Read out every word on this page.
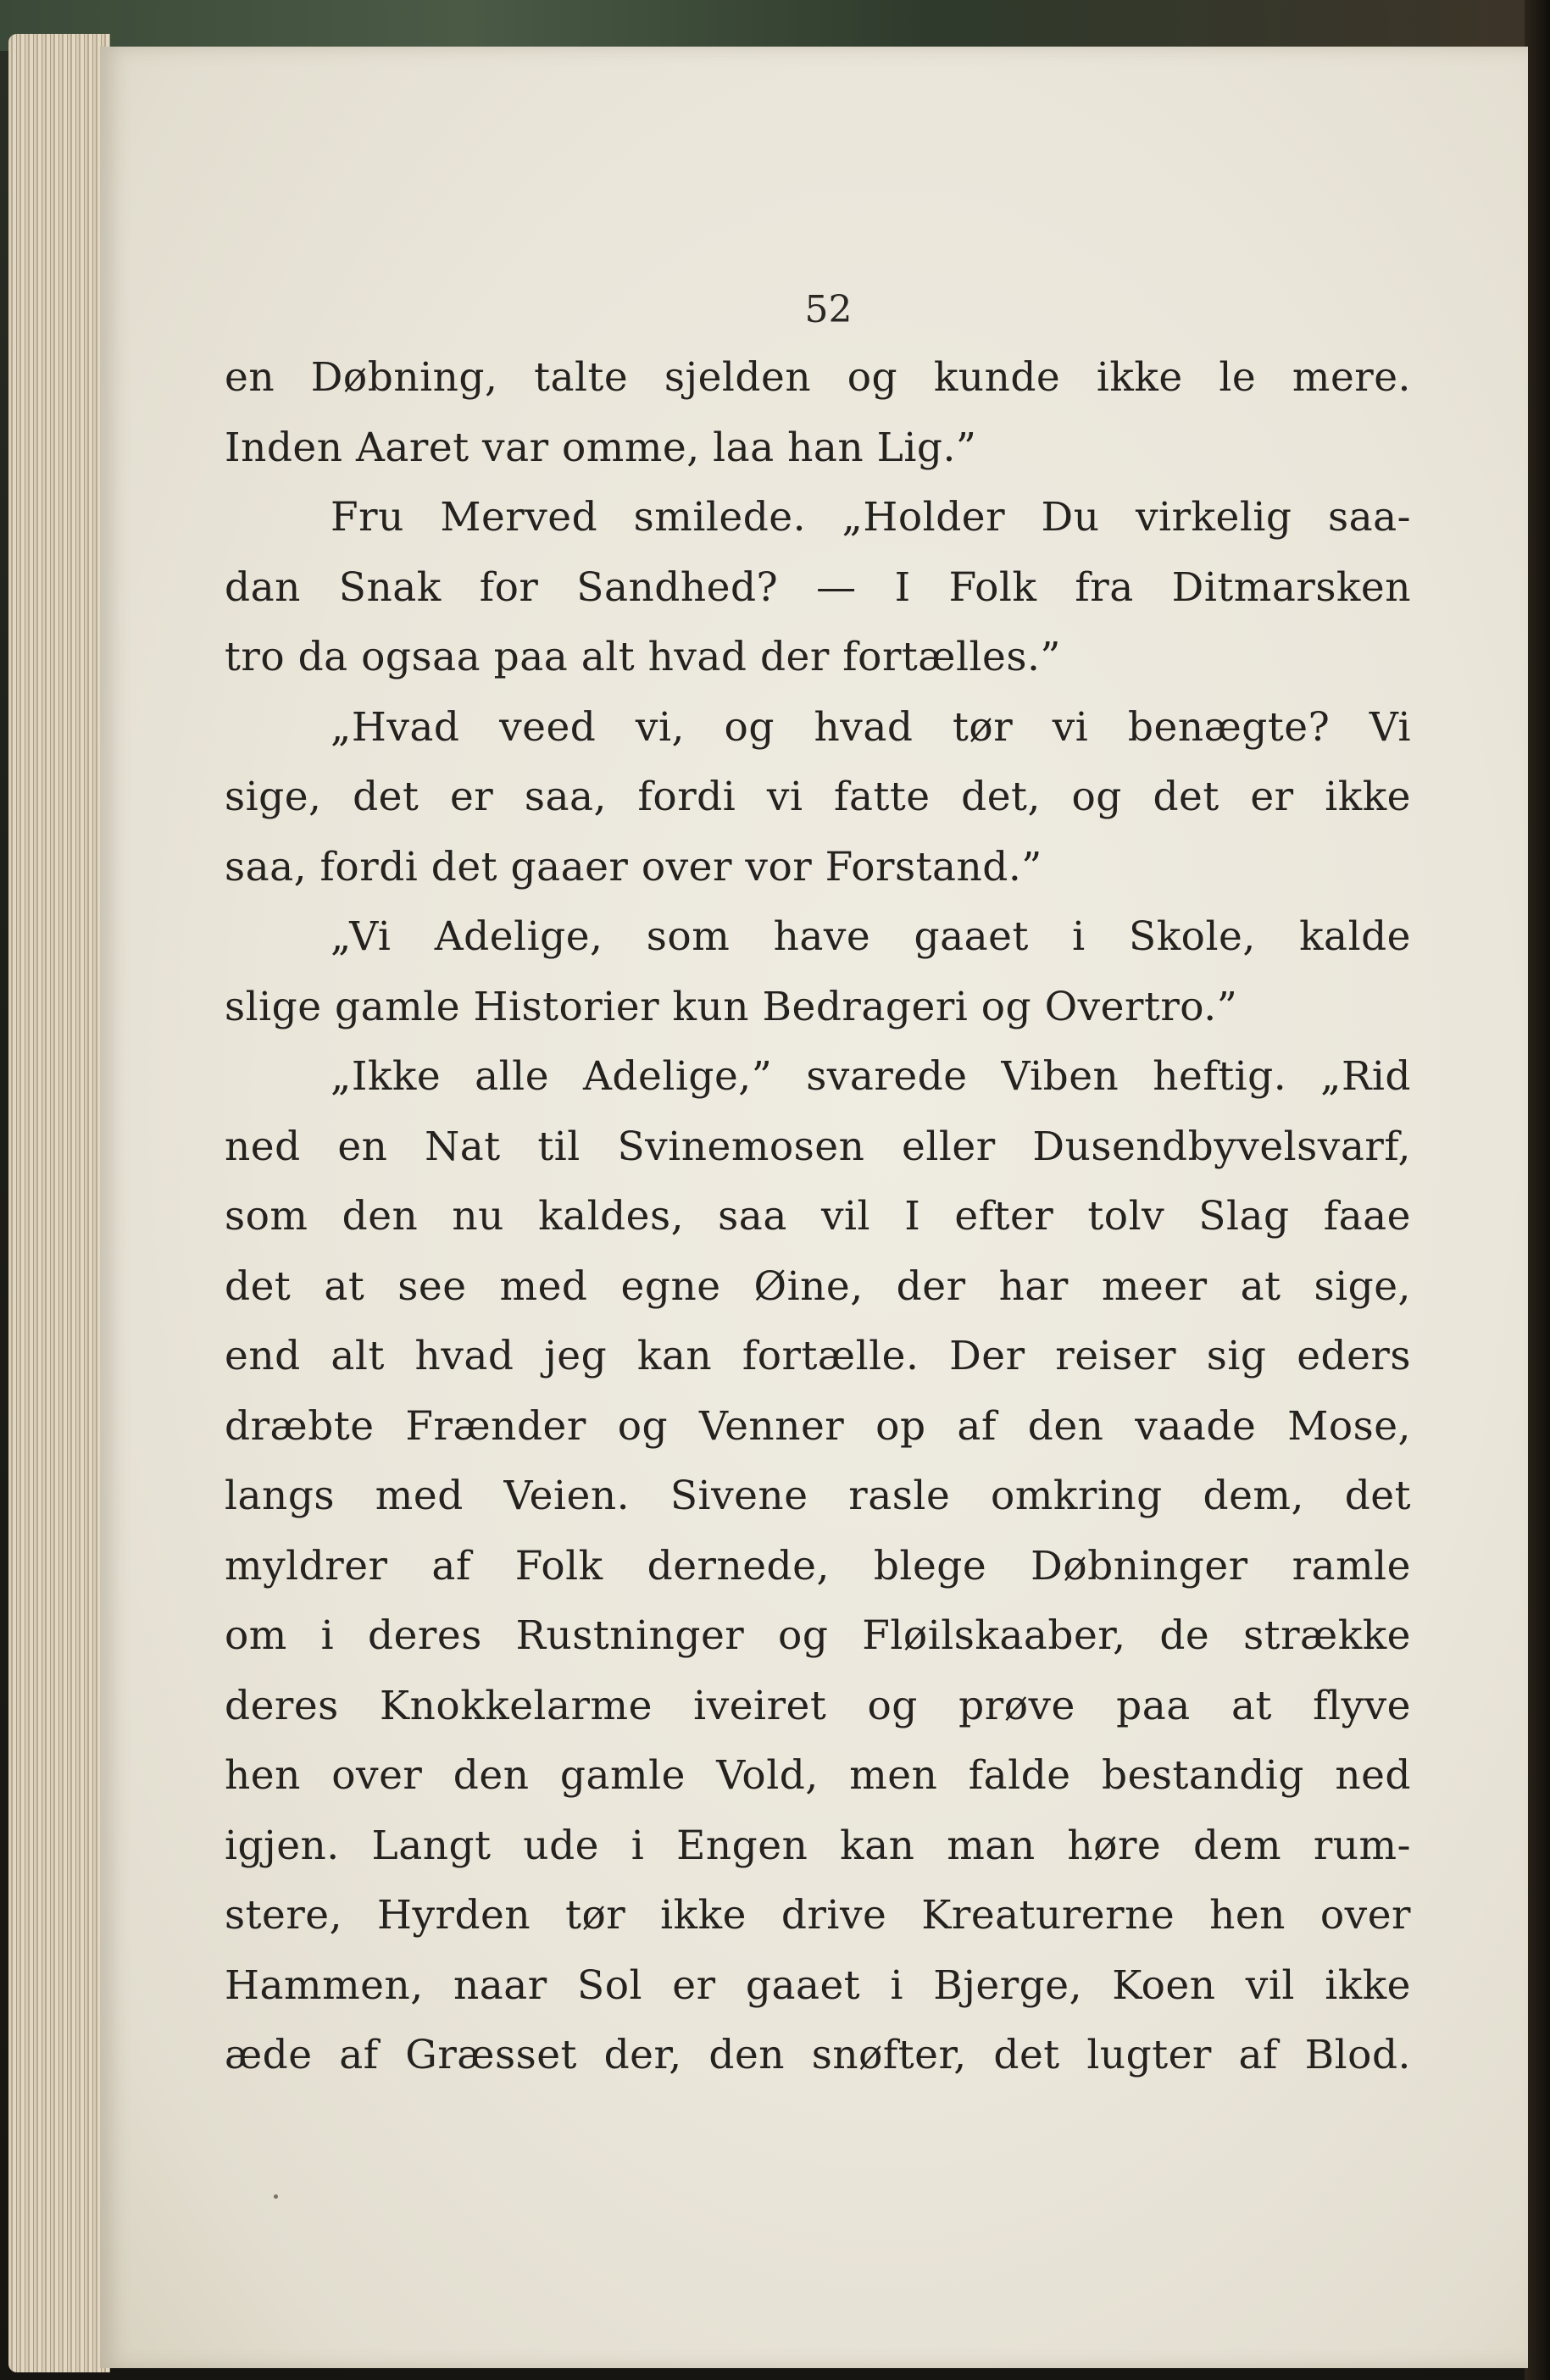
52
en Døbning, talte sjelden og kunde ikke le mere.
Inden Aaret var omme, laa han Lig.”
Fru Merved smilede. „Holder Du virkelig saa-
dan Snak for Sandhed? — I Folk fra Ditmarsken
tro da ogsaa paa alt hvad der fortælles.”
„Hvad veed vi, og hvad tør vi benægte? Vi
sige, det er saa, fordi vi fatte det, og det er ikke
saa, fordi det gaaer over vor Forstand.”
„Vi Adelige, som have gaaet i Skole, kalde
slige gamle Historier kun Bedrageri og Overtro.”
„Ikke alle Adelige,” svarede Viben heftig. „Rid
ned en Nat til Svinemosen eller Dusendbyvelsvarf,
som den nu kaldes, saa vil I efter tolv Slag faae
det at see med egne Øine, der har meer at sige,
end alt hvad jeg kan fortælle. Der reiser sig eders
dræbte Frænder og Venner op af den vaade Mose,
langs med Veien. Sivene rasle omkring dem, det
myldrer af Folk dernede, blege Døbninger ramle
om i deres Rustninger og Fløilskaaber, de strække
deres Knokkelarme iveiret og prøve paa at flyve
hen over den gamle Vold, men falde bestandig ned
igjen. Langt ude i Engen kan man høre dem rum-
stere, Hyrden tør ikke drive Kreaturerne hen over
Hammen, naar Sol er gaaet i Bjerge, Koen vil ikke
æde af Græsset der, den snøfter, det lugter af Blod.
